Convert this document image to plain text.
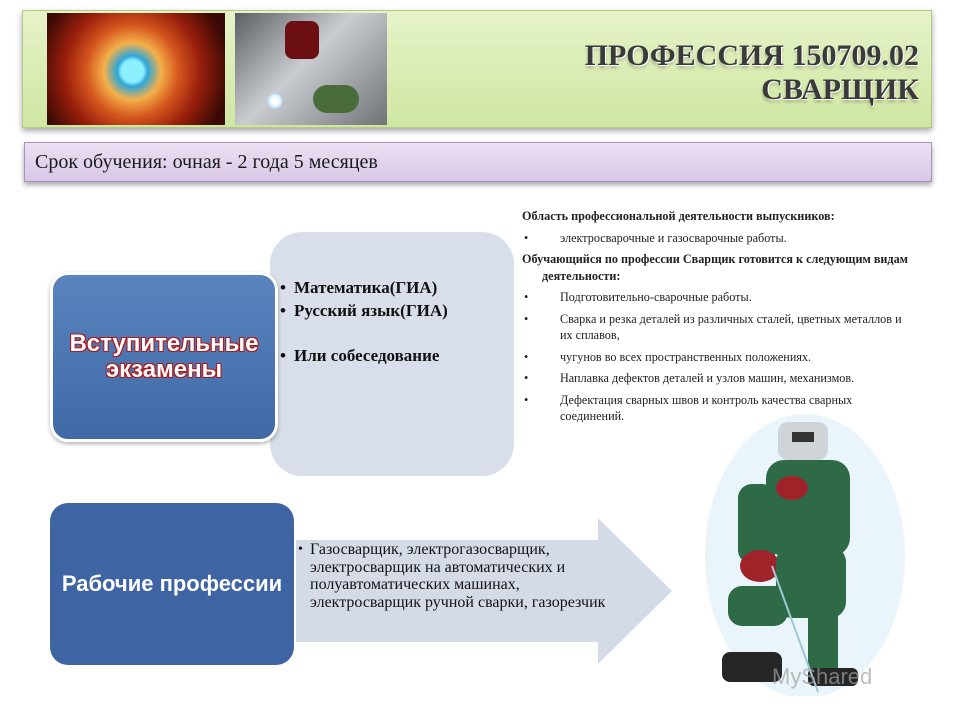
ПРОФЕССИЯ 150709.02
СВАРЩИК
Срок обучения: очная - 2 года 5 месяцев
• Математика(ГИА)
• Русский язык(ГИА)
• Или собеседование
Вступительные экзамены

Область профессиональной деятельности выпускников:

• электросварочные и газосварочные работы.

Обучающийся по профессии Сварщик готовится к следующим видам деятельности:

• Подготовительно-сварочные работы.

• Сварка и резка деталей из различных сталей, цветных металлов и их сплавов,

• чугунов во всех пространственных положениях.

• Наплавка дефектов деталей и узлов машин, механизмов.

• Дефектация сварных швов и контроль качества сварных соединений.

Рабочие профессии
• Газосварщик, электрогазосварщик, электросварщик на автоматических и полуавтоматических машинах, электросварщик ручной сварки, газорезчик
MyShared
